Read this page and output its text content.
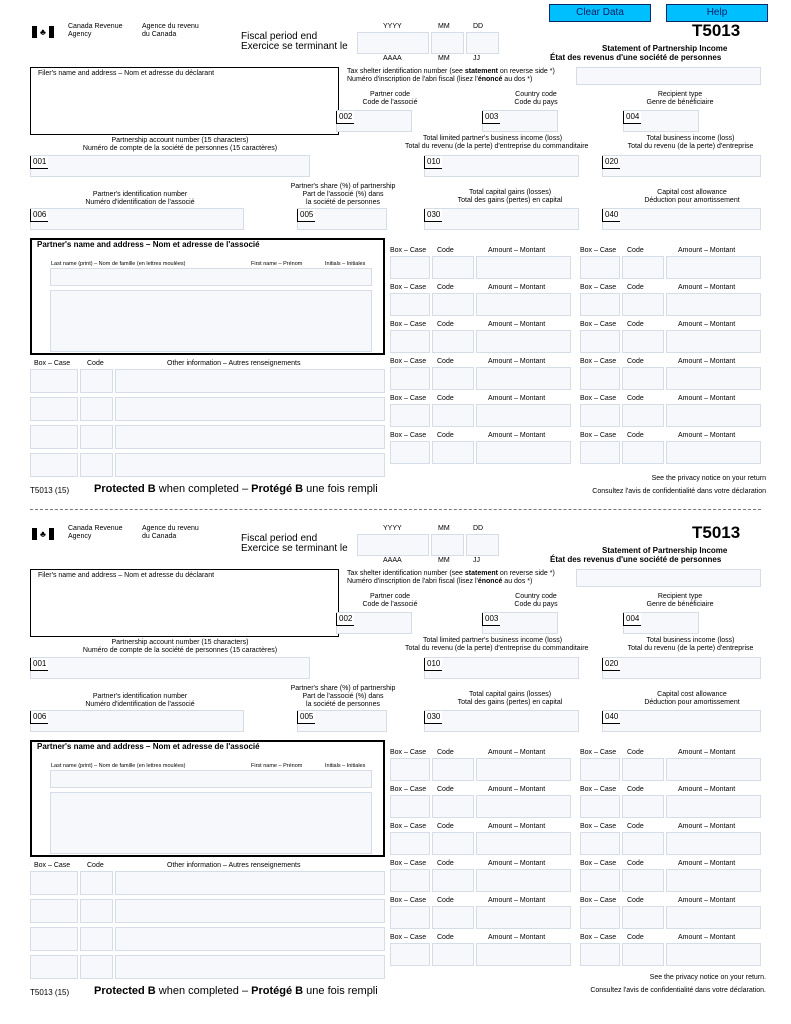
Clear Data	Help
♣
Canada Revenue
Agency
Agence du revenu
du Canada	Fiscal period end
Exercice se terminant le
YYYY	MM	DD
AAAA	MM	JJ
T5013
Statement of Partnership Income
État des revenus d'une société de personnes
Filer's name and address – Nom et adresse du déclarant	Tax shelter identification number (see statement on reverse side *)
Numéro d'inscription de l'abri fiscal (lisez l'énoncé au dos *)
Partner code
Code de l'associé
Country code
Code du pays
Recipient type
Genre de bénéficiaire
002	003	004
Partnership account number (15 characters)
Numéro de compte de la société de personnes (15 caractères)
Total limited partner's business income (loss)
Total du revenu (de la perte) d'entreprise du commanditaire
Total business income (loss)
Total du revenu (de la perte) d'entreprise
001	010	020
Partner's identification number
Numéro d'identification de l'associé
Partner's share (%) of partnership
Part de l'associé (%) dans
la société de personnes
Total capital gains (losses)
Total des gains (pertes) en capital
Capital cost allowance
Déduction pour amortissement
006	005	030	040
Partner's name and address – Nom et adresse de l'associé
Last name (print) – Nom de famille (en lettres moulées)	First name – Prénom	Initials – Initiales
Box – Case Code	Amount – Montant	Box – Case Code	Amount – Montant
Box – Case Code	Amount – Montant	Box – Case Code	Amount – Montant
Box – Case Code	Amount – Montant	Box – Case Code	Amount – Montant
Box – Case Code	Amount – Montant	Box – Case Code	Amount – Montant
Box – Case Code	Amount – Montant	Box – Case Code	Amount – Montant
Box – Case Code	Amount – Montant	Box – Case Code	Amount – Montant
Box – Case Code	Other information – Autres renseignements
T5013 (15) Protected B when completed – Protégé B une fois rempli
See the privacy notice on your return
Consultez l'avis de confidentialité dans votre déclaration
♣
Canada Revenue
Agency
Agence du revenu
du Canada	Fiscal period end
Exercice se terminant le
YYYY	MM	DD
AAAA	MM	JJ
T5013
Statement of Partnership Income
État des revenus d'une société de personnes
Filer's name and address – Nom et adresse du déclarant	Tax shelter identification number (see statement on reverse side *)
Numéro d'inscription de l'abri fiscal (lisez l'énoncé au dos *)
Partner code
Code de l'associé
Country code
Code du pays
Recipient type
Genre de bénéficiaire
002	003	004
Partnership account number (15 characters)
Numéro de compte de la société de personnes (15 caractères)
Total limited partner's business income (loss)
Total du revenu (de la perte) d'entreprise du commanditaire
Total business income (loss)
Total du revenu (de la perte) d'entreprise
001	010	020
Partner's identification number
Numéro d'identification de l'associé
Partner's share (%) of partnership
Part de l'associé (%) dans
la société de personnes
Total capital gains (losses)
Total des gains (pertes) en capital
Capital cost allowance
Déduction pour amortissement
006	005	030	040
Partner's name and address – Nom et adresse de l'associé
Last name (print) – Nom de famille (en lettres moulées)	First name – Prénom	Initials – Initiales
Box – Case Code	Amount – Montant	Box – Case Code	Amount – Montant
Box – Case Code	Amount – Montant	Box – Case Code	Amount – Montant
Box – Case Code	Amount – Montant	Box – Case Code	Amount – Montant
Box – Case Code	Amount – Montant	Box – Case Code	Amount – Montant
Box – Case Code	Amount – Montant	Box – Case Code	Amount – Montant
Box – Case Code	Amount – Montant	Box – Case Code	Amount – Montant
Box – Case Code	Other information – Autres renseignements
T5013 (15) Protected B when completed – Protégé B une fois rempli
See the privacy notice on your return.
Consultez l'avis de confidentialité dans votre déclaration.
